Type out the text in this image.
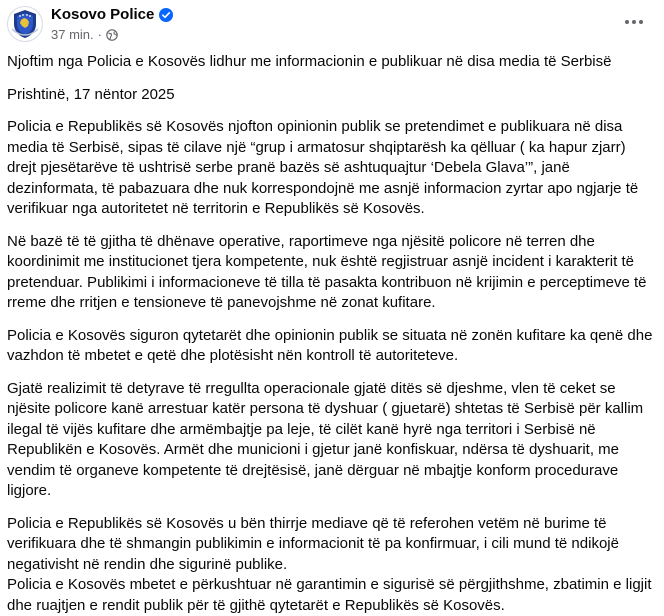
Kosovo Police
37 min. ·

Njoftim nga Policia e Kosovës lidhur me informacionin e publikuar në disa media të Serbisë

Prishtinë, 17 nëntor 2025

Policia e Republikës së Kosovës njofton opinionin publik se pretendimet e publikuara në disa media të Serbisë, sipas të cilave një “grup i armatosur shqiptarësh ka qëlluar ( ka hapur zjarr) drejt pjesëtarëve të ushtrisë serbe pranë bazës së ashtuquajtur ‘Debela Glava’”, janë dezinformata, të pabazuara dhe nuk korrespondojnë me asnjë informacion zyrtar apo ngjarje të verifikuar nga autoritetet në territorin e Republikës së Kosovës.

Në bazë të të gjitha të dhënave operative, raportimeve nga njësitë policore në terren dhe koordinimit me institucionet tjera kompetente, nuk është regjistruar asnjë incident i karakterit të pretenduar. Publikimi i informacioneve të tilla të pasakta kontribuon në krijimin e perceptimeve të rreme dhe rritjen e tensioneve të panevojshme në zonat kufitare.

Policia e Kosovës siguron qytetarët dhe opinionin publik se situata në zonën kufitare ka qenë dhe vazhdon të mbetet e qetë dhe plotësisht nën kontroll të autoriteteve.

Gjatë realizimit të detyrave të rregullta operacionale gjatë ditës së djeshme, vlen të ceket se njësite policore kanë arrestuar katër persona të dyshuar ( gjuetarë) shtetas të Serbisë për kallim ilegal të vijës kufitare dhe armëmbajtje pa leje, të cilët kanë hyrë nga territori i Serbisë në Republikën e Kosovës. Armët dhe municioni i gjetur janë konfiskuar, ndërsa të dyshuarit, me vendim të organeve kompetente të drejtësisë, janë dërguar në mbajtje konform procedurave ligjore.

Policia e Republikës së Kosovës u bën thirrje mediave që të referohen vetëm në burime të verifikuara dhe të shmangin publikimin e informacionit të pa konfirmuar, i cili mund të ndikojë negativisht në rendin dhe sigurinë publike.

Policia e Kosovës mbetet e përkushtuar në garantimin e sigurisë së përgjithshme, zbatimin e ligjit dhe ruajtjen e rendit publik për të gjithë qytetarët e Republikës së Kosovës.
